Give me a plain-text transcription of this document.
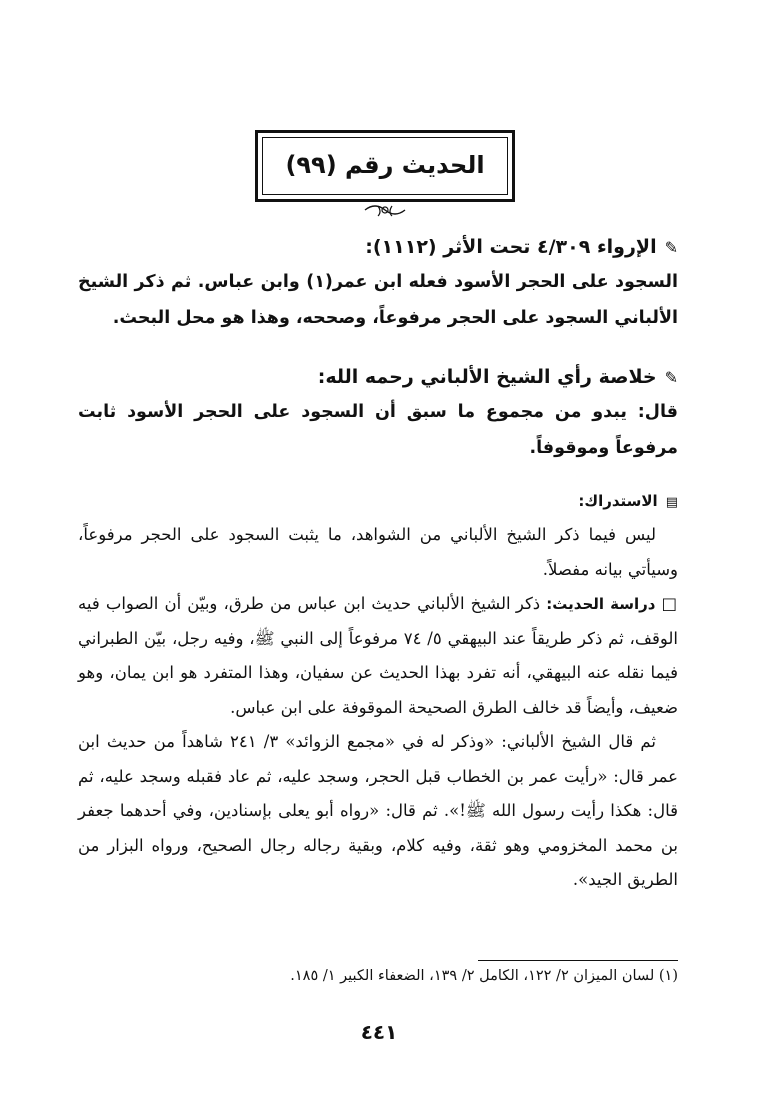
الحديث رقم (٩٩)
✎الإرواء ٤/٣٠٩ تحت الأثر (١١١٢):
السجود على الحجر الأسود فعله ابن عمر(١) وابن عباس. ثم ذكر الشيخ الألباني السجود على الحجر مرفوعاً، وصححه، وهذا هو محل البحث.
✎خلاصة رأي الشيخ الألباني رحمه الله:
قال: يبدو من مجموع ما سبق أن السجود على الحجر الأسود ثابت مرفوعاً وموقوفاً.
▤الاستدراك:

ليس فيما ذكر الشيخ الألباني من الشواهد، ما يثبت السجود على الحجر مرفوعاً، وسيأتي بيانه مفصلاً.

□ دراسة الحديث: ذكر الشيخ الألباني حديث ابن عباس من طرق، وبيّن أن الصواب فيه الوقف، ثم ذكر طريقاً عند البيهقي ٥/ ٧٤ مرفوعاً إلى النبي ﷺ، وفيه رجل، بيّن الطبراني فيما نقله عنه البيهقي، أنه تفرد بهذا الحديث عن سفيان، وهذا المتفرد هو ابن يمان، وهو ضعيف، وأيضاً قد خالف الطرق الصحيحة الموقوفة على ابن عباس.

ثم قال الشيخ الألباني: «وذكر له في «مجمع الزوائد» ٣/ ٢٤١ شاهداً من حديث ابن عمر قال: «رأيت عمر بن الخطاب قبل الحجر، وسجد عليه، ثم عاد فقبله وسجد عليه، ثم قال: هكذا رأيت رسول الله ﷺ!». ثم قال: «رواه أبو يعلى بإسنادين، وفي أحدهما جعفر بن محمد المخزومي وهو ثقة، وفيه كلام، وبقية رجاله رجال الصحيح، ورواه البزار من الطريق الجيد».

(١) لسان الميزان ٢/ ١٢٢، الكامل ٢/ ١٣٩، الضعفاء الكبير ١/ ١٨٥.
٤٤١
